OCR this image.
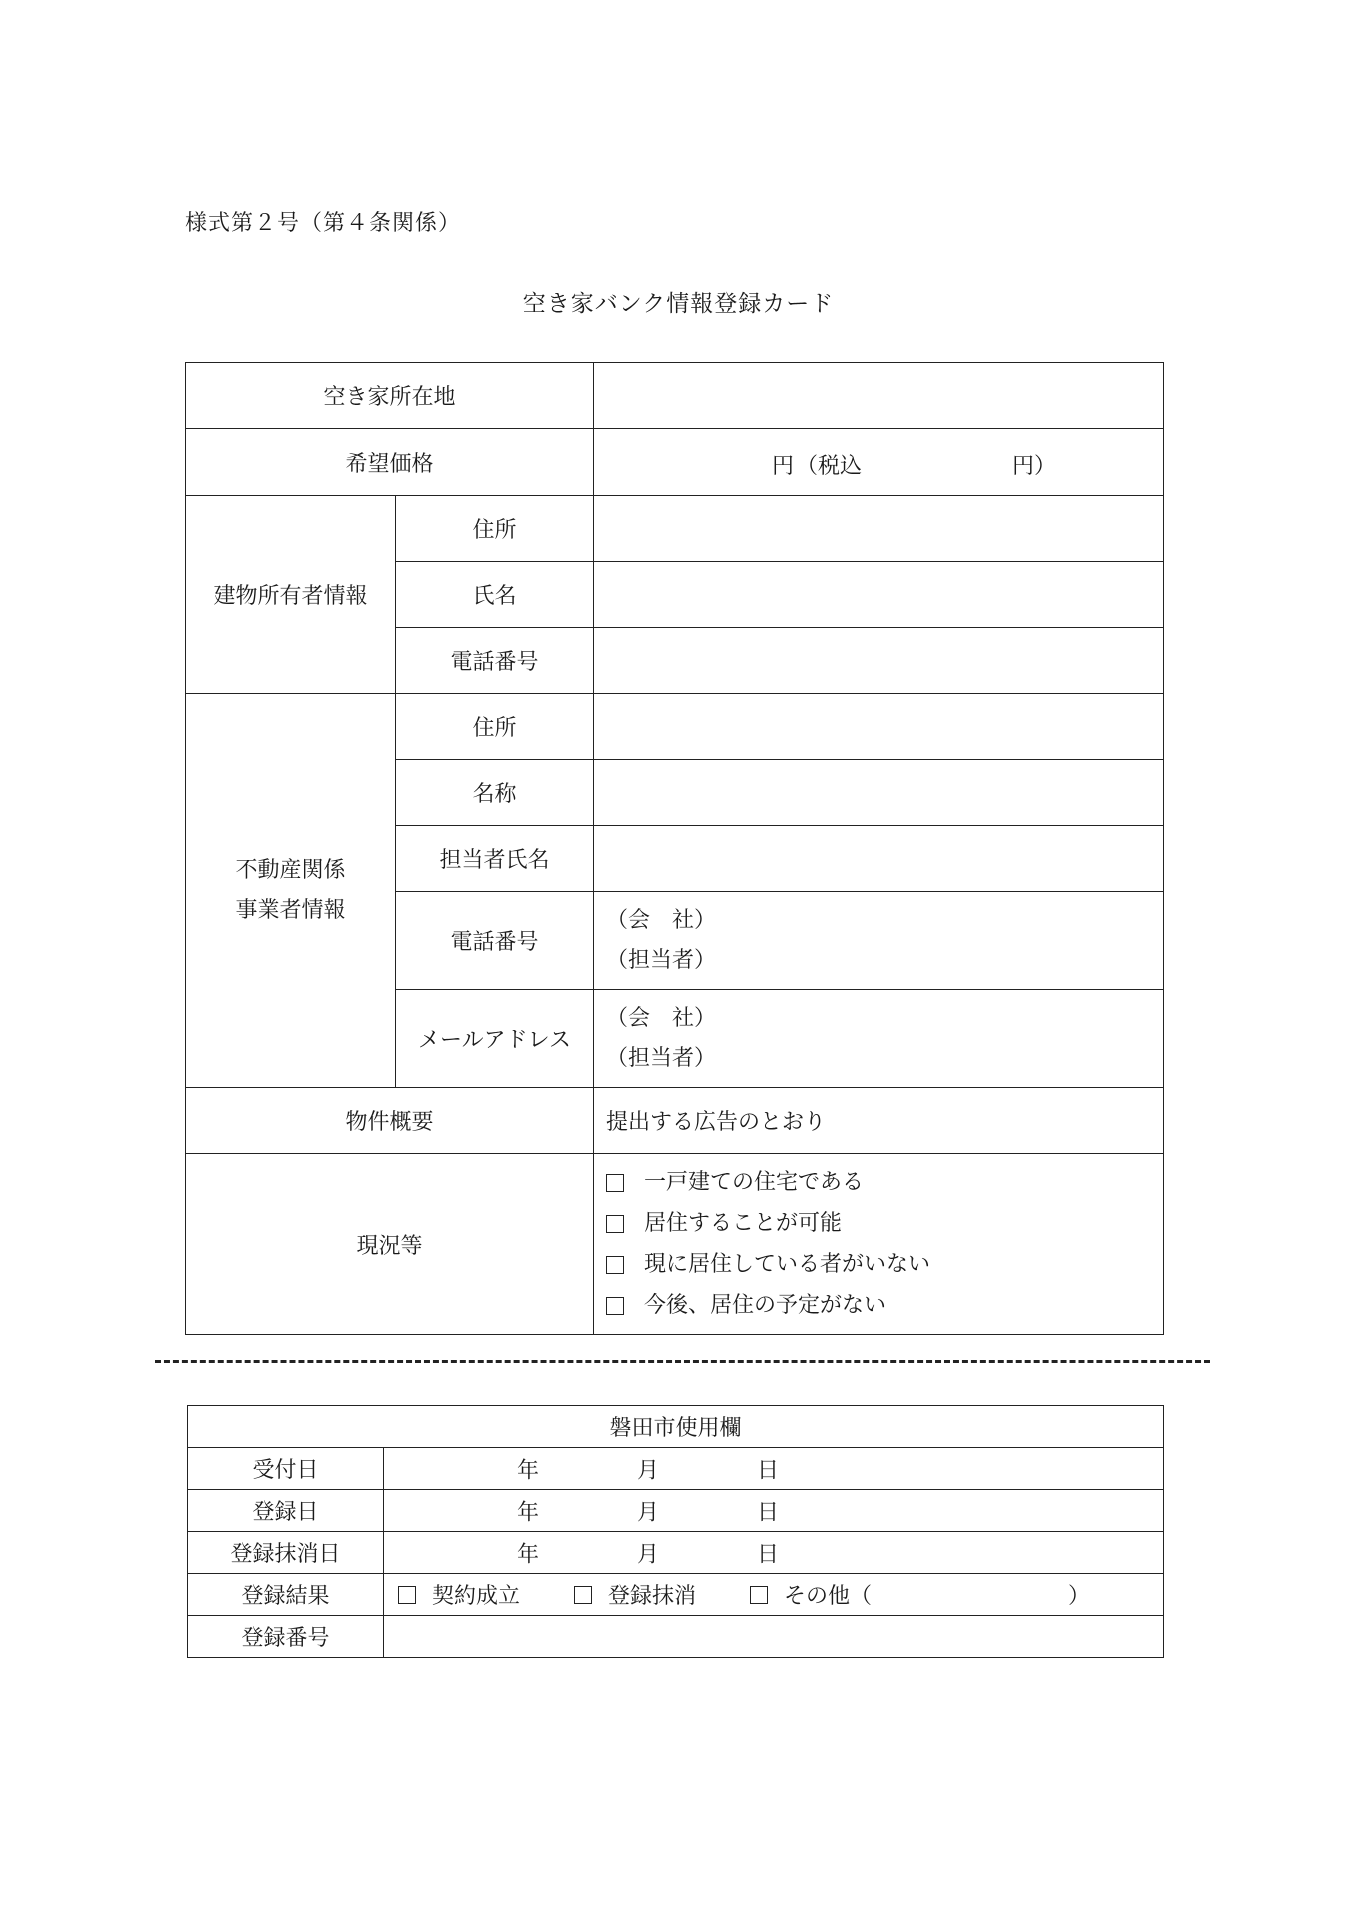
様式第２号（第４条関係）
空き家バンク情報登録カード
空き家所在地		
希望価格		円 （税込 円）

建物所有者情報	住所	
	氏名	
	電話番号	

不動産関係
事業者情報	住所	
	名称	
	担当者氏名	
	電話番号	（会　社）
（担当者）

	メールアドレス	（会　社）
（担当者）

物件概要		提出する広告のとおり
現況等		一戸建ての住宅である
居住することが可能
現に居住している者がいない
今後、居住の予定がない
磐田市使用欄	
受付日	年 月 日

登録日	年 月 日

登録抹消日	年 月 日

登録結果	契約成立 登録抹消 その他（ ）

登録番号	
